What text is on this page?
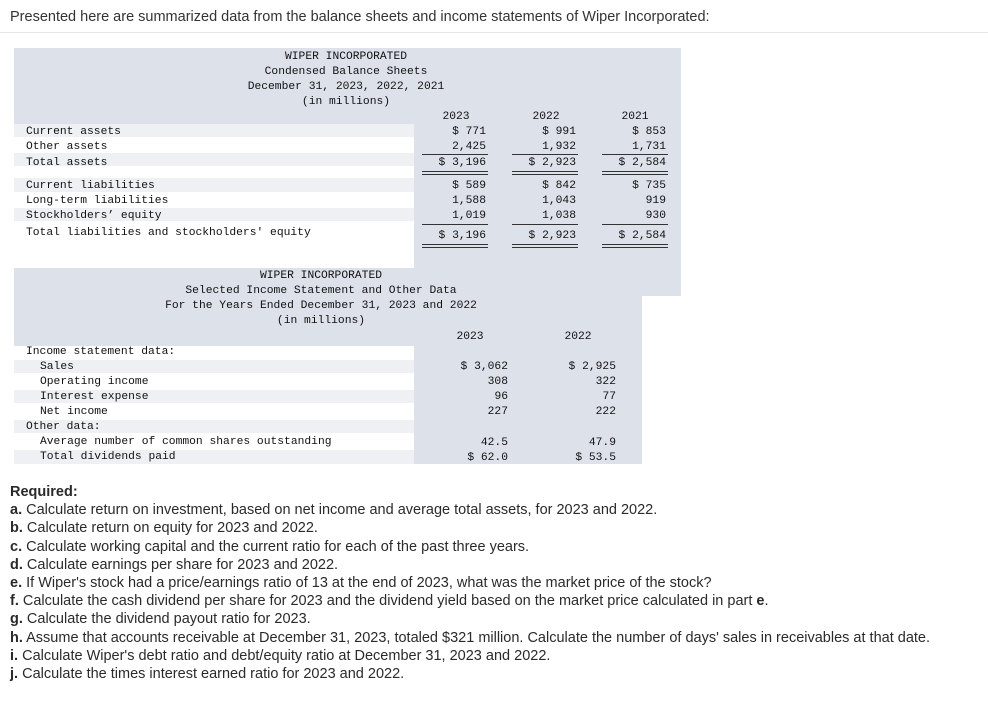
Presented here are summarized data from the balance sheets and income statements of Wiper Incorporated:
WIPER INCORPORATED
Condensed Balance Sheets
December 31, 2023, 2022, 2021
(in millions)
2023	2022	2021
Current assets	$ 771	$ 991	$ 853
Other assets	2,425	1,932	1,731
Total assets	$ 3,196	$ 2,923	$ 2,584
Current liabilities	$ 589	$ 842	$ 735
Long-term liabilities	1,588	1,043	919
Stockholders’ equity	1,019	1,038	930
Total liabilities and stockholders' equity	$ 3,196	$ 2,923	$ 2,584
WIPER INCORPORATED
Selected Income Statement and Other Data
For the Years Ended December 31, 2023 and 2022
(in millions)
2023	2022
Income statement data:
Sales	$ 3,062	$ 2,925
Operating income	308	322
Interest expense	96	77
Net income	227	222
Other data:
Average number of common shares outstanding	42.5	47.9
Total dividends paid	$ 62.0	$ 53.5
Required:
a. Calculate return on investment, based on net income and average total assets, for 2023 and 2022.
b. Calculate return on equity for 2023 and 2022.
c. Calculate working capital and the current ratio for each of the past three years.
d. Calculate earnings per share for 2023 and 2022.
e. If Wiper's stock had a price/earnings ratio of 13 at the end of 2023, what was the market price of the stock?
f. Calculate the cash dividend per share for 2023 and the dividend yield based on the market price calculated in part e.
g. Calculate the dividend payout ratio for 2023.
h. Assume that accounts receivable at December 31, 2023, totaled $321 million. Calculate the number of days' sales in receivables at that date.
i. Calculate Wiper's debt ratio and debt/equity ratio at December 31, 2023 and 2022.
j. Calculate the times interest earned ratio for 2023 and 2022.
